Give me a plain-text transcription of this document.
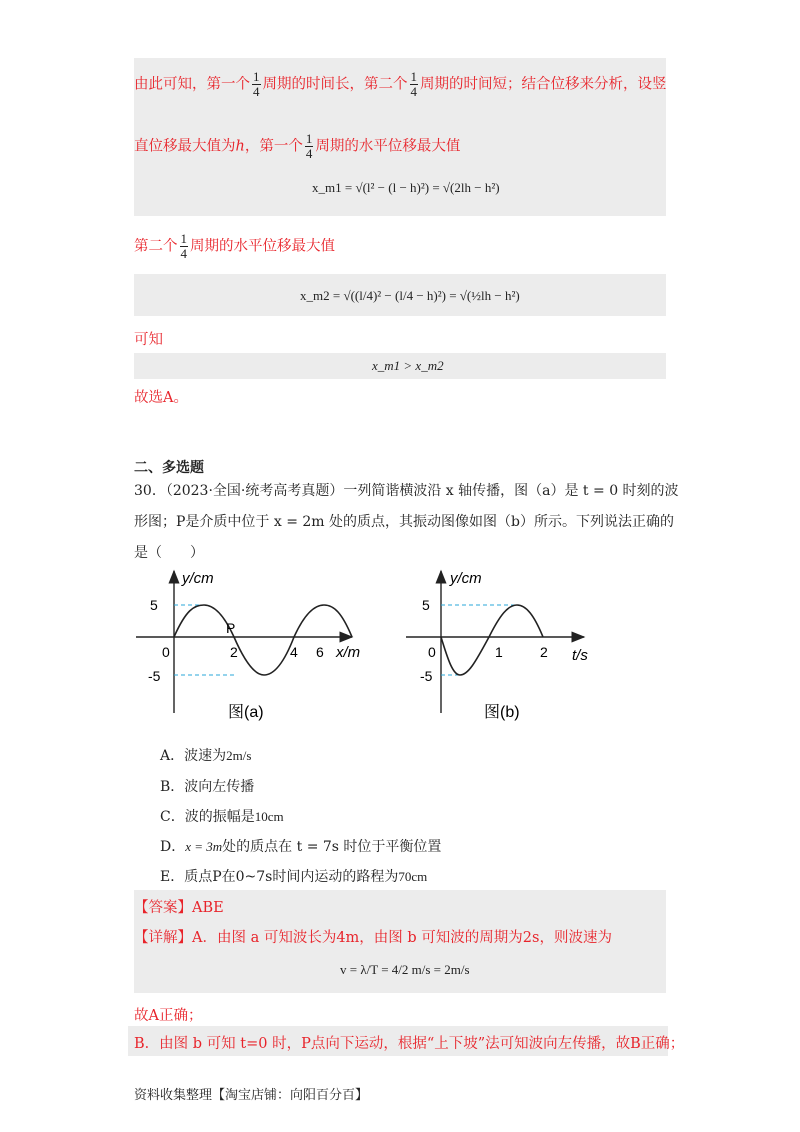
由此可知，第一个 $\frac{1}{4}$ 周期的时间长，第二个 $\frac{1}{4}$ 周期的时间短；结合位移来分析，设竖
直位移最大值为h，第一个 $\frac{1}{4}$ 周期的水平位移最大值
x_m1 = √(l² − (l − h)²) = √(2lh − h²)
第二个 $\frac{1}{4}$ 周期的水平位移最大值
x_m2 = √((l/4)² − (l/4 − h)²) = √(½lh − h²)
可知
x_m1 > x_m2
故选A。
二、多选题
30．（2023·全国·统考高考真题）一列简谐横波沿 x 轴传播，图（a）是 t = 0 时刻的波
形图；P是介质中位于 x = 2m 处的质点，其振动图像如图（b）所示。下列说法正确的
是（　　）
y/cm
5
-5
0
P
2	4 6 x/m
图(a)
y/cm
5
-5
0	1	2 t/s
图(b)
A．波速为2m/s
B．波向左传播
C．波的振幅是10cm
D．x = 3m处的质点在 t = 7s 时位于平衡位置
E．质点P在0~7s时间内运动的路程为70cm
【答案】ABE
【详解】A．由图 a 可知波长为4m，由图 b 可知波的周期为2s，则波速为
v = λ/T = 4/2 m/s = 2m/s
故A正确；
B．由图 b 可知 t=0 时，P点向下运动，根据“上下坡”法可知波向左传播，故B正确；
资料收集整理【淘宝店铺：向阳百分百】
